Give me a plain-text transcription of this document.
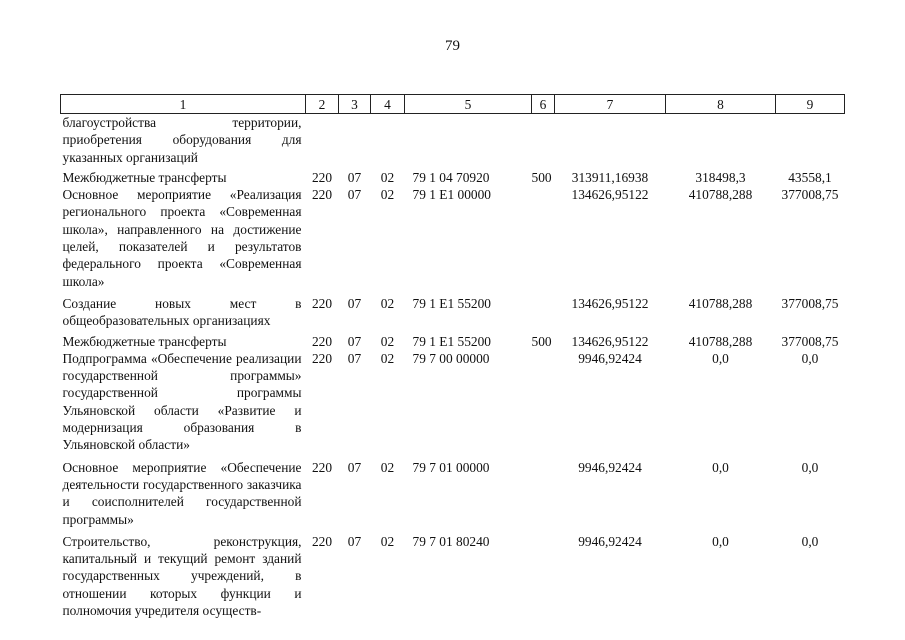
79
1	2	3	4	5	6	7	8	9
благоустройства территории, приобретения оборудования для указанных организаций								
Межбюджетные трансферты	220	07	02	79 1 04 70920	500	313911,16938	318498,3	43558,1
Основное мероприятие «Реализация регионального проекта «Современная школа», направленного на достижение целей, показателей и результатов федерального проекта «Современная школа»	220	07	02	79 1 E1 00000		134626,95122	410788,288	377008,75
Создание новых мест в общеобразовательных организациях	220	07	02	79 1 E1 55200		134626,95122	410788,288	377008,75
Межбюджетные трансферты	220	07	02	79 1 E1 55200	500	134626,95122	410788,288	377008,75
Подпрограмма «Обеспечение реализации государственной программы» государственной программы Ульяновской области «Развитие и модернизация образования в Ульяновской области»	220	07	02	79 7 00 00000		9946,92424	0,0	0,0
Основное мероприятие «Обеспечение деятельности государственного заказчика и соисполнителей государственной программы»	220	07	02	79 7 01 00000		9946,92424	0,0	0,0
Строительство, реконструкция, капитальный и текущий ремонт зданий государственных учреждений, в отношении которых функции и полномочия учредителя осуществ-	220	07	02	79 7 01 80240		9946,92424	0,0	0,0
